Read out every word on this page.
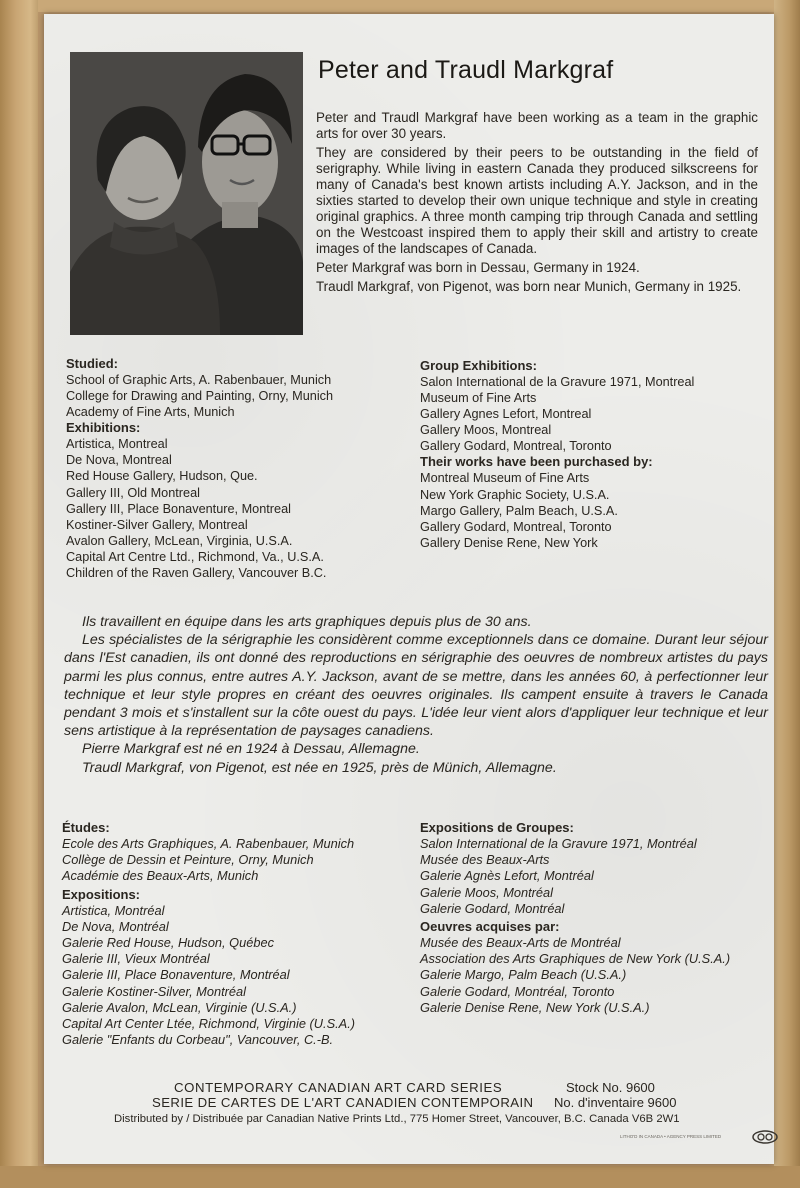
Peter and Traudl Markgraf

Peter and Traudl Markgraf have been working as a team in the graphic arts for over 30 years.

They are considered by their peers to be outstanding in the field of serigraphy. While living in eastern Canada they produced silkscreens for many of Canada's best known artists including A.Y. Jackson, and in the sixties started to develop their own unique technique and style in creating original graphics. A three month camping trip through Canada and settling on the Westcoast inspired them to apply their skill and artistry to create images of the landscapes of Canada.

Peter Markgraf was born in Dessau, Germany in 1924.

Traudl Markgraf, von Pigenot, was born near Munich, Germany in 1925.

Studied:

School of Graphic Arts, A. Rabenbauer, Munich

College for Drawing and Painting, Orny, Munich

Academy of Fine Arts, Munich

Exhibitions:

Artistica, Montreal

De Nova, Montreal

Red House Gallery, Hudson, Que.

Gallery III, Old Montreal

Gallery III, Place Bonaventure, Montreal

Kostiner-Silver Gallery, Montreal

Avalon Gallery, McLean, Virginia, U.S.A.

Capital Art Centre Ltd., Richmond, Va., U.S.A.

Children of the Raven Gallery, Vancouver B.C.

Group Exhibitions:

Salon International de la Gravure 1971, Montreal

Museum of Fine Arts

Gallery Agnes Lefort, Montreal

Gallery Moos, Montreal

Gallery Godard, Montreal, Toronto

Their works have been purchased by:

Montreal Museum of Fine Arts

New York Graphic Society, U.S.A.

Margo Gallery, Palm Beach, U.S.A.

Gallery Godard, Montreal, Toronto

Gallery Denise Rene, New York

Ils travaillent en équipe dans les arts graphiques depuis plus de 30 ans.

Les spécialistes de la sérigraphie les considèrent comme exceptionnels dans ce domaine. Durant leur séjour dans l'Est canadien, ils ont donné des reproductions en sérigraphie des oeuvres de nombreux artistes du pays parmi les plus connus, entre autres A.Y. Jackson, avant de se mettre, dans les années 60, à perfectionner leur technique et leur style propres en créant des oeuvres originales. Ils campent ensuite à travers le Canada pendant 3 mois et s'installent sur la côte ouest du pays. L'idée leur vient alors d'appliquer leur technique et leur sens artistique à la représentation de paysages canadiens.

Pierre Markgraf est né en 1924 à Dessau, Allemagne.

Traudl Markgraf, von Pigenot, est née en 1925, près de Münich, Allemagne.

Études:

Ecole des Arts Graphiques, A. Rabenbauer, Munich

Collège de Dessin et Peinture, Orny, Munich

Académie des Beaux-Arts, Munich

Expositions:

Artistica, Montréal

De Nova, Montréal

Galerie Red House, Hudson, Québec

Galerie III, Vieux Montréal

Galerie III, Place Bonaventure, Montréal

Galerie Kostiner-Silver, Montréal

Galerie Avalon, McLean, Virginie (U.S.A.)

Capital Art Center Ltée, Richmond, Virginie (U.S.A.)

Galerie "Enfants du Corbeau", Vancouver, C.-B.

Expositions de Groupes:

Salon International de la Gravure 1971, Montréal

Musée des Beaux-Arts

Galerie Agnès Lefort, Montréal

Galerie Moos, Montréal

Galerie Godard, Montréal

Oeuvres acquises par:

Musée des Beaux-Arts de Montréal

Association des Arts Graphiques de New York (U.S.A.)

Galerie Margo, Palm Beach (U.S.A.)

Galerie Godard, Montréal, Toronto

Galerie Denise Rene, New York (U.S.A.)

CONTEMPORARY CANADIAN ART CARD SERIES
SERIE DE CARTES DE L'ART CANADIEN CONTEMPORAIN
Stock No. 9600
No. d'inventaire 9600
Distributed by / Distribuée par Canadian Native Prints Ltd., 775 Homer Street, Vancouver, B.C. Canada V6B 2W1
LITHO'D IN CANADA • AGENCY PRESS LIMITED
